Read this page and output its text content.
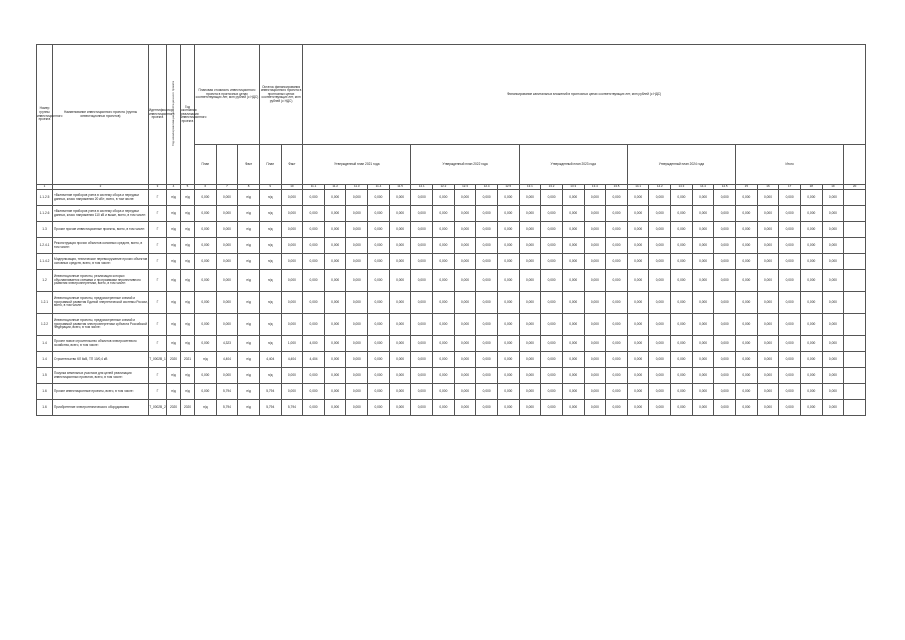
Номер группы инвестиционного проекта	Наименование инвестиционного проекта (группы инвестиционных проектов)	Идентификатор инвестиционного проекта	Год начала реализации инвестиционного проекта	Год окончания реализации инвестиционного проекта	Плановая стоимость инвестиционного проекта в прогнозных ценах соответствующих лет, млн рублей (с НДС)			Остаток финансирования инвестиционного проекта в прогнозных ценах соответствующих лет, млн рублей (с НДС)		Финансирование капитальных вложений в прогнозных ценах соответствующих лет, млн рублей (с НДС)																									
					План		Факт	План	Факт	Утвержденный план 2021 года					Утвержденный план 2022 года					Утвержденный план 2023 года					Утвержденный план 2024 года					Итого					
1	2	3	4	5	6	7	8	9	10	11.1	11.2	11.3	11.4	11.5	12.1	12.2	12.3	12.4	12.5	13.1	13.2	13.3	13.4	13.5	14.1	14.2	14.3	14.4	14.5	15	16	17	18	19	20
1.1.2.5	«Включение приборов учета в систему сбора и передачи данных, класс напряжения 20 кВ», всего, в том числе:	Г	н/д	н/д	0,000	0,000	н/д	н/д	0,000	0,000	0,000	0,000	0,000	0,000	0,000	0,000	0,000	0,000	0,000	0,000	0,000	0,000	0,000	0,000	0,000	0,000	0,000	0,000	0,000	0,000	0,000	0,000	0,000	0,000	
1.1.2.6	«Включение приборов учета в систему сбора и передачи данных, класс напряжения 110 кВ и выше, всего, в том числе:	Г	н/д	н/д	0,000	0,000	н/д	н/д	0,000	0,000	0,000	0,000	0,000	0,000	0,000	0,000	0,000	0,000	0,000	0,000	0,000	0,000	0,000	0,000	0,000	0,000	0,000	0,000	0,000	0,000	0,000	0,000	0,000	0,000	
1.3	Прочие прочие инвестиционные проекты, всего, в том числе:	Г	н/д	н/д	0,000	0,000	н/д	н/д	0,000	0,000	0,000	0,000	0,000	0,000	0,000	0,000	0,000	0,000	0,000	0,000	0,000	0,000	0,000	0,000	0,000	0,000	0,000	0,000	0,000	0,000	0,000	0,000	0,000	0,000	
1.2.4.1	Реконструкция прочих объектов основных средств, всего, в том числе:	Г	н/д	н/д	0,000	0,000	н/д	н/д	0,000	0,000	0,000	0,000	0,000	0,000	0,000	0,000	0,000	0,000	0,000	0,000	0,000	0,000	0,000	0,000	0,000	0,000	0,000	0,000	0,000	0,000	0,000	0,000	0,000	0,000	
1.1.4.2	Модернизация, техническое перевооружение прочих объектов основных средств, всего, в том числе:	Г	н/д	н/д	0,000	0,000	н/д	н/д	0,000	0,000	0,000	0,000	0,000	0,000	0,000	0,000	0,000	0,000	0,000	0,000	0,000	0,000	0,000	0,000	0,000	0,000	0,000	0,000	0,000	0,000	0,000	0,000	0,000	0,000	
1.2	Инвестиционные проекты, реализация которых обуславливается схемами и программами перспективного развития электроэнергетики, всего, в том числе:	Г	н/д	н/д	0,000	0,000	н/д	н/д	0,000	0,000	0,000	0,000	0,000	0,000	0,000	0,000	0,000	0,000	0,000	0,000	0,000	0,000	0,000	0,000	0,000	0,000	0,000	0,000	0,000	0,000	0,000	0,000	0,000	0,000	
1.2.1	Инвестиционные проекты, предусмотренные схемой и программой развития Единой энергетической системы России, всего, в том числе:	Г	н/д	н/д	0,000	0,000	н/д	н/д	0,000	0,000	0,000	0,000	0,000	0,000	0,000	0,000	0,000	0,000	0,000	0,000	0,000	0,000	0,000	0,000	0,000	0,000	0,000	0,000	0,000	0,000	0,000	0,000	0,000	0,000	
1.2.2	Инвестиционные проекты, предусмотренные схемой и программой развития электроэнергетики субъекта Российской Федерации, всего, в том числе:	Г	н/д	н/д	0,000	0,000	н/д	н/д	0,000	0,000	0,000	0,000	0,000	0,000	0,000	0,000	0,000	0,000	0,000	0,000	0,000	0,000	0,000	0,000	0,000	0,000	0,000	0,000	0,000	0,000	0,000	0,000	0,000	0,000	
1.4	Прочее новое строительство объектов электросетевого хозяйства, всего, в том числе:	Г	н/д	н/д	0,000	4,323	н/д	н/д	1,000	4,000	0,000	0,000	0,000	0,000	0,000	0,000	0,000	0,000	0,000	0,000	0,000	0,000	0,000	0,000	0,000	0,000	0,000	0,000	0,000	0,000	0,000	0,000	0,000	0,000	
1.4	Строительство КЛ 6кВ, ТП 10/0,4 кВ	Т_0002В_1	2020	2021	н/д	4,404	н/д	4,404	4,404	4,404	0,000	0,000	0,000	0,000	0,000	0,000	0,000	0,000	0,000	0,000	0,000	0,000	0,000	0,000	0,000	0,000	0,000	0,000	0,000	0,000	0,000	0,000	0,000	0,000	
1.5	Покупка земельных участков для целей реализации инвестиционных проектов, всего, в том числе:	Г	н/д	н/д	0,000	0,000	н/д	н/д	0,000	0,000	0,000	0,000	0,000	0,000	0,000	0,000	0,000	0,000	0,000	0,000	0,000	0,000	0,000	0,000	0,000	0,000	0,000	0,000	0,000	0,000	0,000	0,000	0,000	0,000	
1.6	Прочие инвестиционные проекты, всего, в том числе:	Г	н/д	н/д	0,000	5,794	н/д	5,794	0,000	0,000	0,000	0,000	0,000	0,000	0,000	0,000	0,000	0,000	0,000	0,000	0,000	0,000	0,000	0,000	0,000	0,000	0,000	0,000	0,000	0,000	0,000	0,000	0,000	0,000	
1.6	Приобретение электротехнического оборудования	Т_0002В_2	2020	2020	н/д	5,794	н/д	5,794	5,794	0,000	0,000	0,000	0,000	0,000	0,000	0,000	0,000	0,000	0,000	0,000	0,000	0,000	0,000	0,000	0,000	0,000	0,000	0,000	0,000	0,000	0,000	0,000	0,000	0,000	
